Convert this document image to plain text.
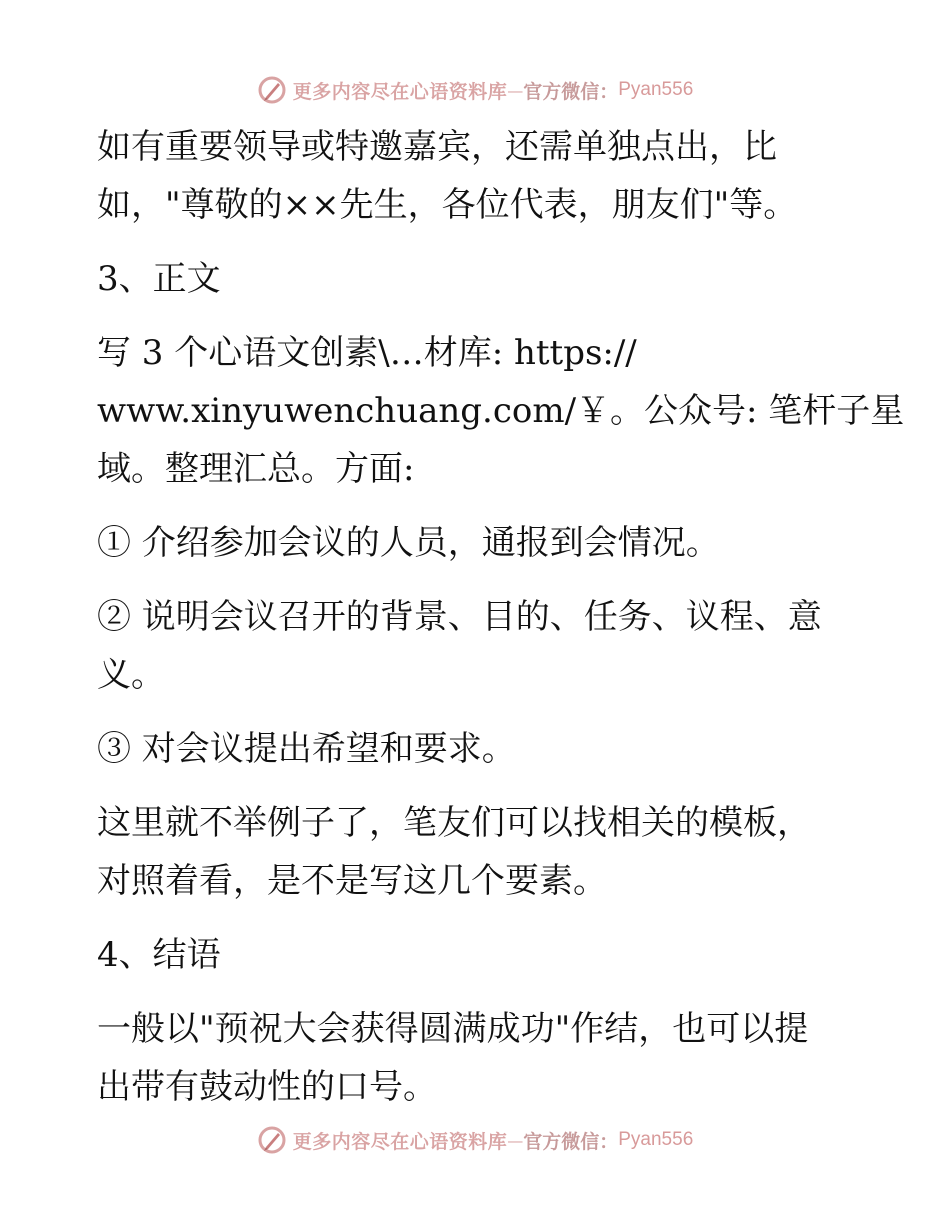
更多内容尽在心语资料库 — 官方微信： Pyan556
如有重要领导或特邀嘉宾，还需单独点出，比
如，"尊敬的××先生，各位代表，朋友们"等。
3、正文
写 3 个心语文创素\…材库: https://
www.xinyuwenchuang.com/￥。公众号: 笔杆子星
域。整理汇总。方面:
① 介绍参加会议的人员，通报到会情况。
② 说明会议召开的背景、目的、任务、议程、意
义。
③ 对会议提出希望和要求。
这里就不举例子了，笔友们可以找相关的模板，
对照着看，是不是写这几个要素。
4、结语
一般以"预祝大会获得圆满成功"作结，也可以提
出带有鼓动性的口号。
更多内容尽在心语资料库 — 官方微信： Pyan556
